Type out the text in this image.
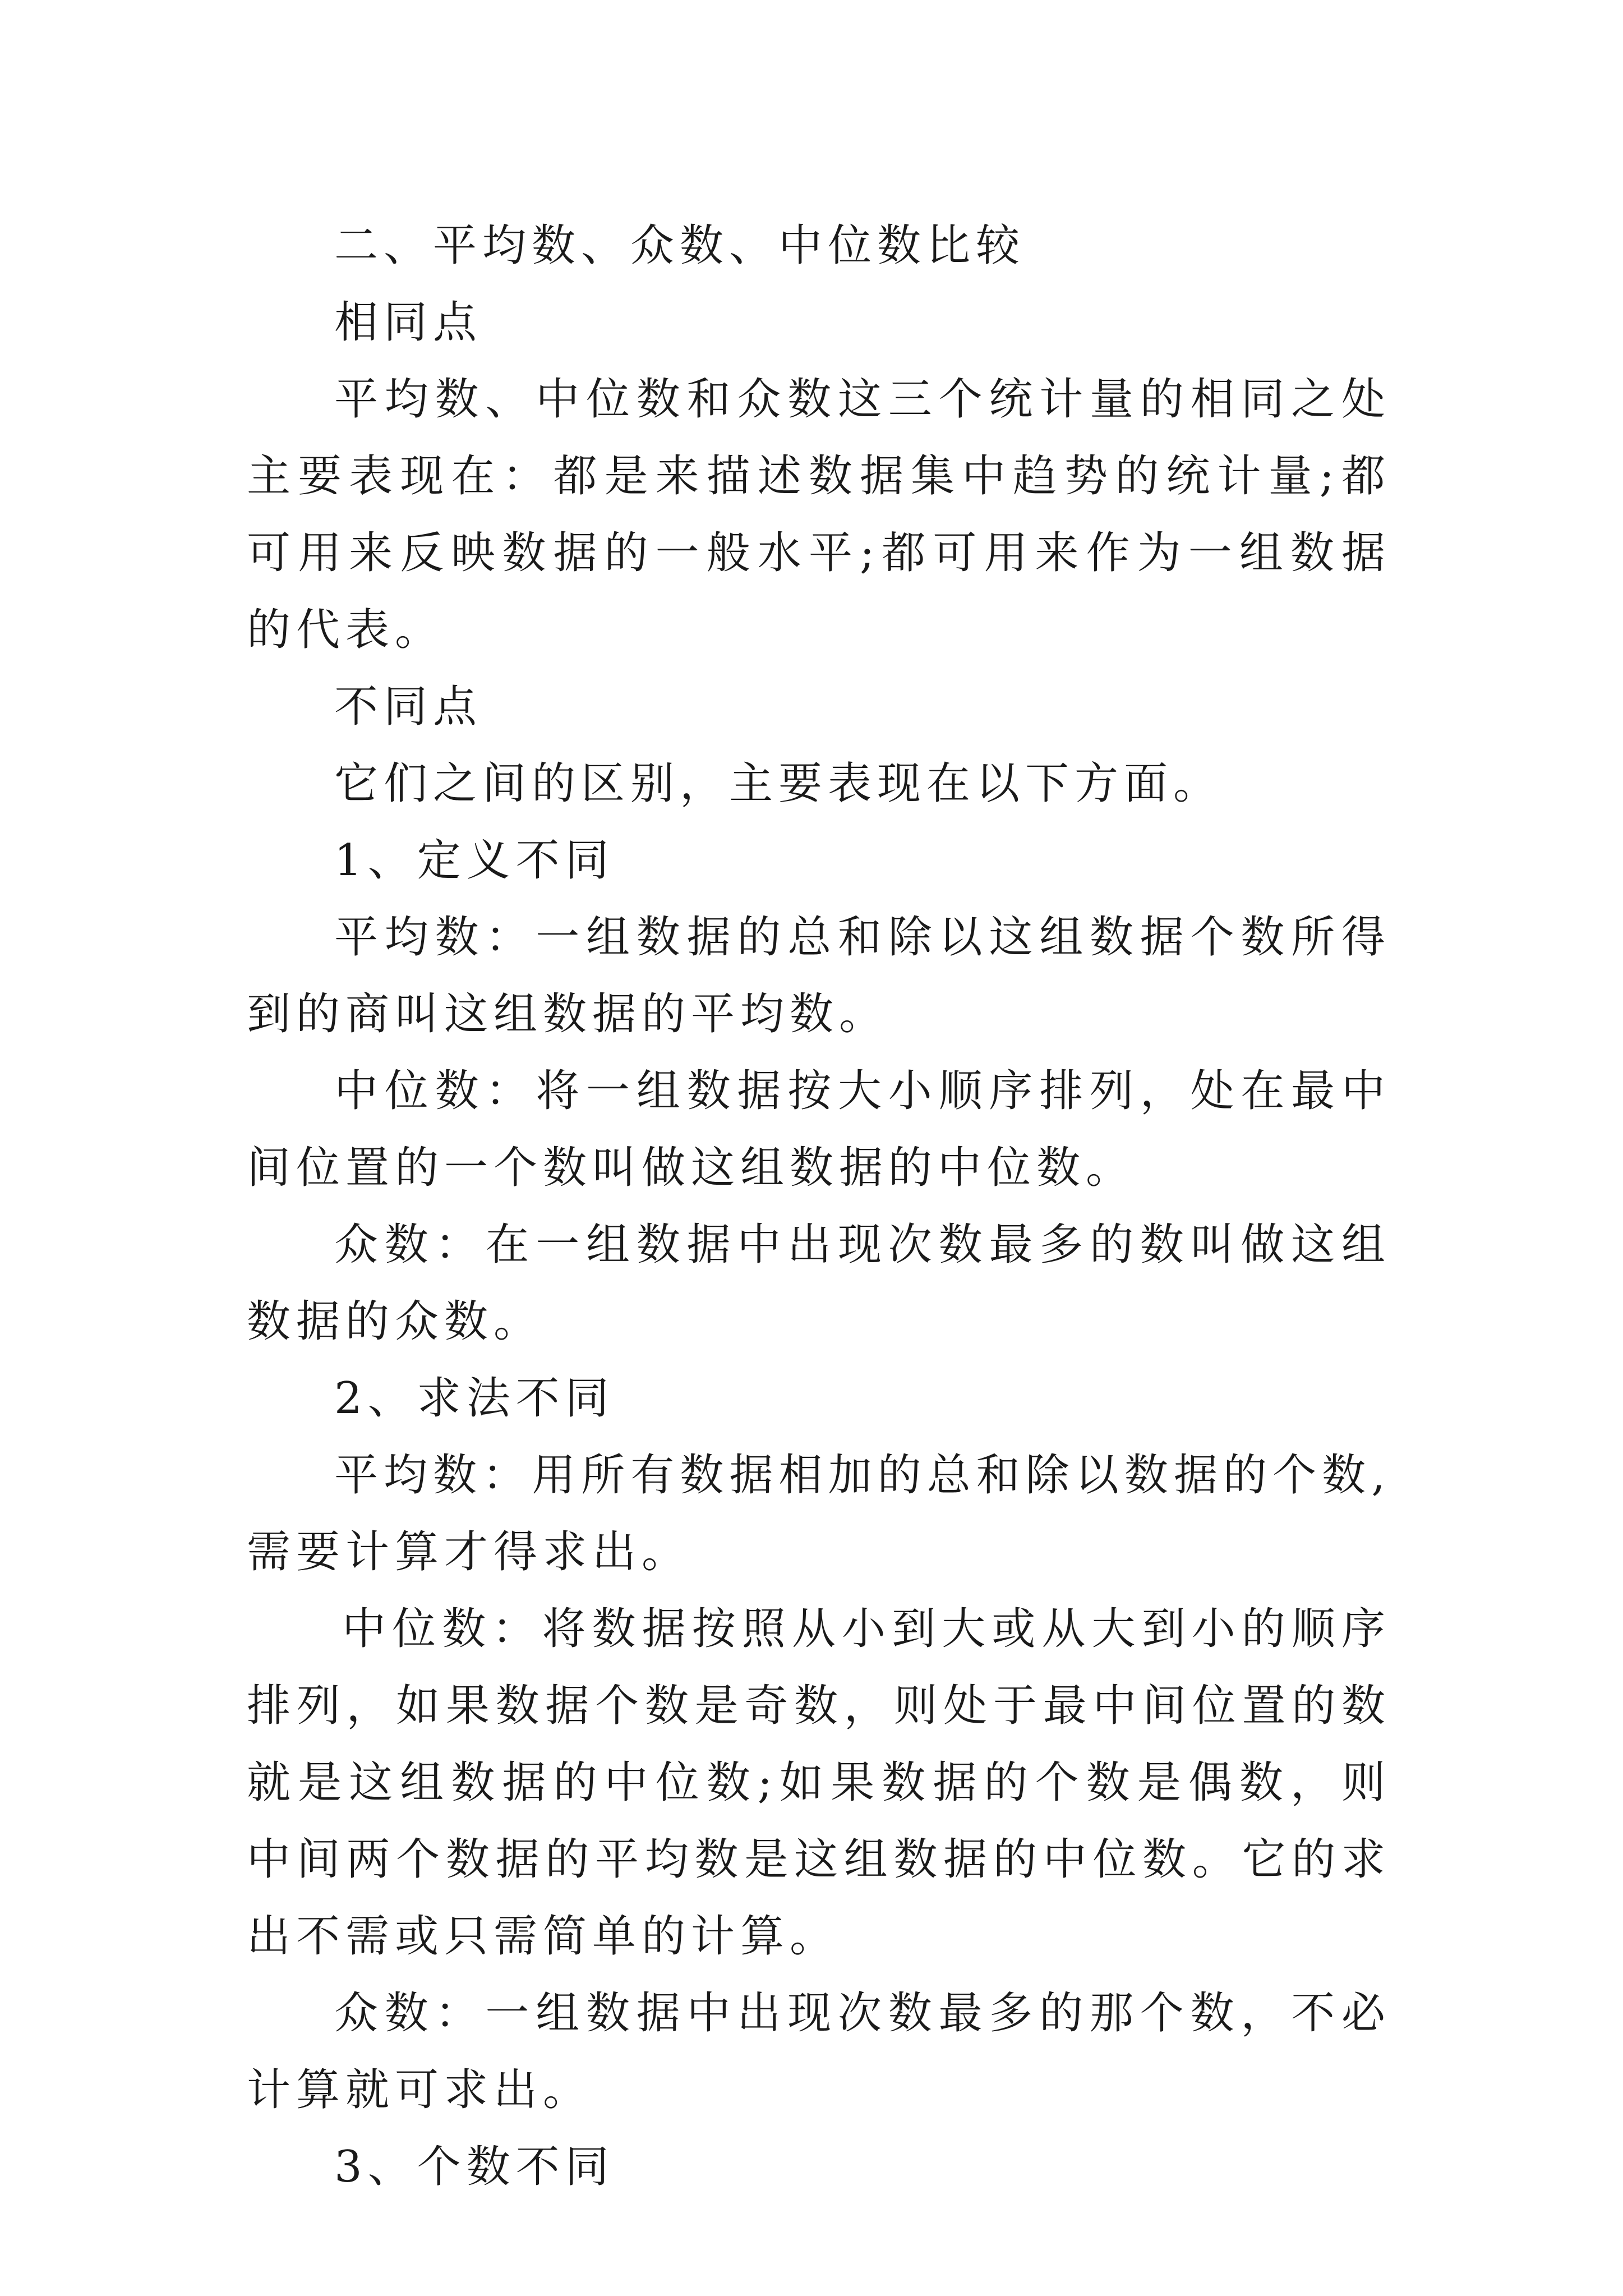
二、平均数、众数、中位数比较

相同点

平均数、中位数和众数这三个统计量的相同之处主要表现在：都是来描述数据集中趋势的统计量;都可用来反映数据的一般水平;都可用来作为一组数据的代表。

不同点

它们之间的区别，主要表现在以下方面。

1、定义不同

平均数：一组数据的总和除以这组数据个数所得到的商叫这组数据的平均数。

中位数：将一组数据按大小顺序排列，处在最中间位置的一个数叫做这组数据的中位数。

众数：在一组数据中出现次数最多的数叫做这组数据的众数。

2、求法不同

平均数：用所有数据相加的总和除以数据的个数,需要计算才得求出。

中位数：将数据按照从小到大或从大到小的顺序排列，如果数据个数是奇数，则处于最中间位置的数就是这组数据的中位数;如果数据的个数是偶数，则中间两个数据的平均数是这组数据的中位数。它的求出不需或只需简单的计算。

众数：一组数据中出现次数最多的那个数，不必计算就可求出。

3、个数不同
